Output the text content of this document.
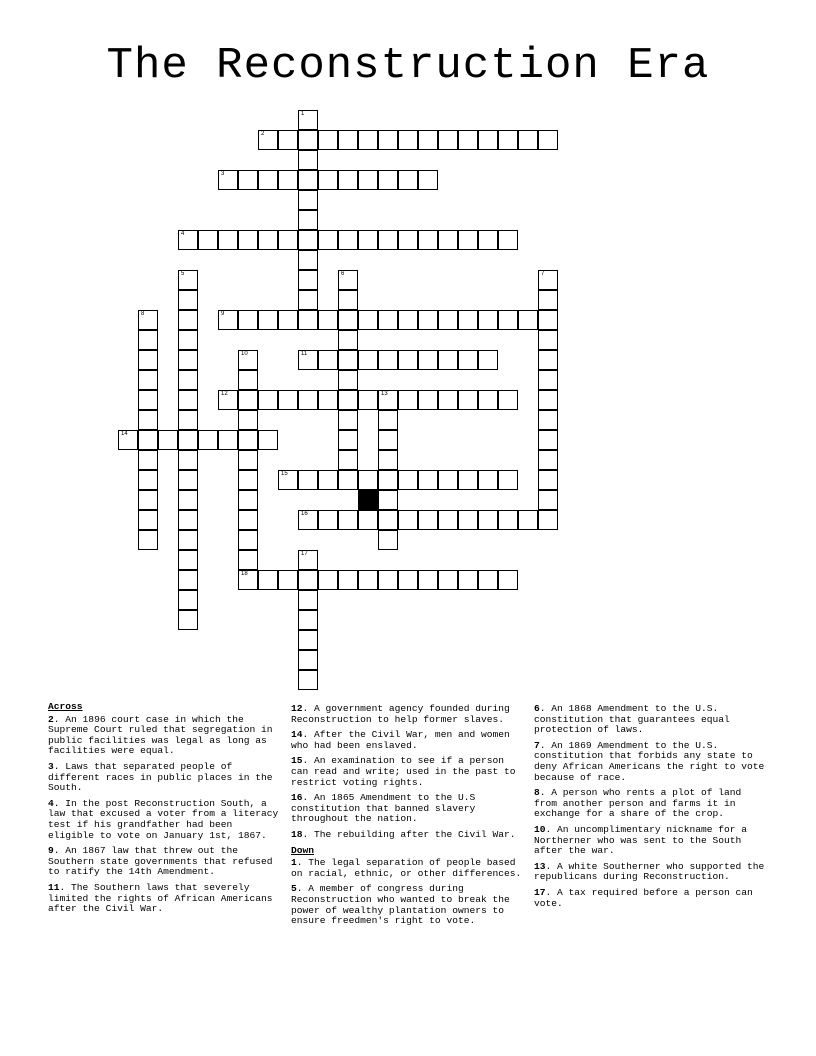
The Reconstruction Era
1
2
3
4
5	6	7
8	9
10
18
11
12	13
14
15
16
17
Across
2. An 1896 court case in which the Supreme Court ruled that segregation in public facilities was legal as long as facilities were equal.
3. Laws that separated people of different races in public places in the South.
4. In the post Reconstruction South, a law that excused a voter from a literacy test if his grandfather had been eligible to vote on January 1st, 1867.
9. An 1867 law that threw out the Southern state governments that refused to ratify the 14th Amendment.
11. The Southern laws that severely limited the rights of African Americans after the Civil War.
12. A government agency founded during Reconstruction to help former slaves.
14. After the Civil War, men and women who had been enslaved.
15. An examination to see if a person can read and write; used in the past to restrict voting rights.
16. An 1865 Amendment to the U.S constitution that banned slavery throughout the nation.
18. The rebuilding after the Civil War.
Down
1. The legal separation of people based on racial, ethnic, or other differences.
5. A member of congress during Reconstruction who wanted to break the power of wealthy plantation owners to ensure freedmen's right to vote.
6. An 1868 Amendment to the U.S. constitution that guarantees equal protection of laws.
7. An 1869 Amendment to the U.S. constitution that forbids any state to deny African Americans the right to vote because of race.
8. A person who rents a plot of land from another person and farms it in exchange for a share of the crop.
10. An uncomplimentary nickname for a Northerner who was sent to the South after the war.
13. A white Southerner who supported the republicans during Reconstruction.
17. A tax required before a person can vote.
